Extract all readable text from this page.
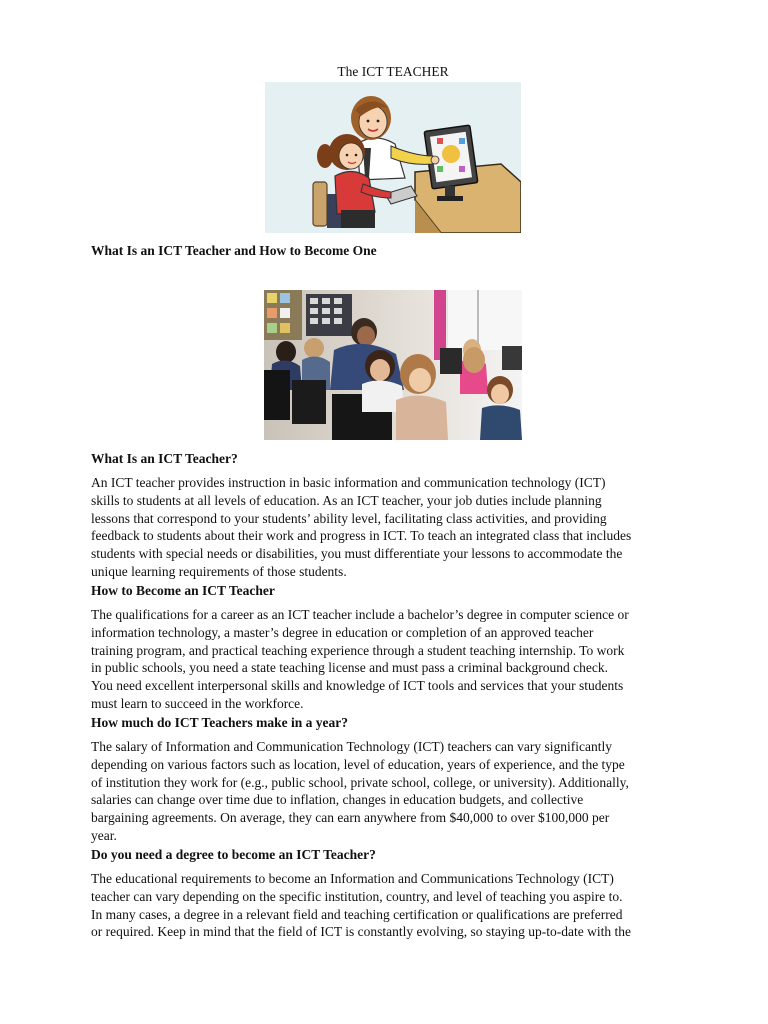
The ICT TEACHER
What Is an ICT Teacher and How to Become One
What Is an ICT Teacher?

An ICT teacher provides instruction in basic information and communication technology (ICT)
skills to students at all levels of education. As an ICT teacher, your job duties include planning
lessons that correspond to your students’ ability level, facilitating class activities, and providing
feedback to students about their work and progress in ICT. To teach an integrated class that includes
students with special needs or disabilities, you must differentiate your lessons to accommodate the
unique learning requirements of those students.

How to Become an ICT Teacher

The qualifications for a career as an ICT teacher include a bachelor’s degree in computer science or
information technology, a master’s degree in education or completion of an approved teacher
training program, and practical teaching experience through a student teaching internship. To work
in public schools, you need a state teaching license and must pass a criminal background check.
You need excellent interpersonal skills and knowledge of ICT tools and services that your students
must learn to succeed in the workforce.

How much do ICT Teachers make in a year?

The salary of Information and Communication Technology (ICT) teachers can vary significantly
depending on various factors such as location, level of education, years of experience, and the type
of institution they work for (e.g., public school, private school, college, or university). Additionally,
salaries can change over time due to inflation, changes in education budgets, and collective
bargaining agreements. On average, they can earn anywhere from $40,000 to over $100,000 per
year.

Do you need a degree to become an ICT Teacher?

The educational requirements to become an Information and Communications Technology (ICT)
teacher can vary depending on the specific institution, country, and level of teaching you aspire to.
In many cases, a degree in a relevant field and teaching certification or qualifications are preferred
or required. Keep in mind that the field of ICT is constantly evolving, so staying up-to-date with the
